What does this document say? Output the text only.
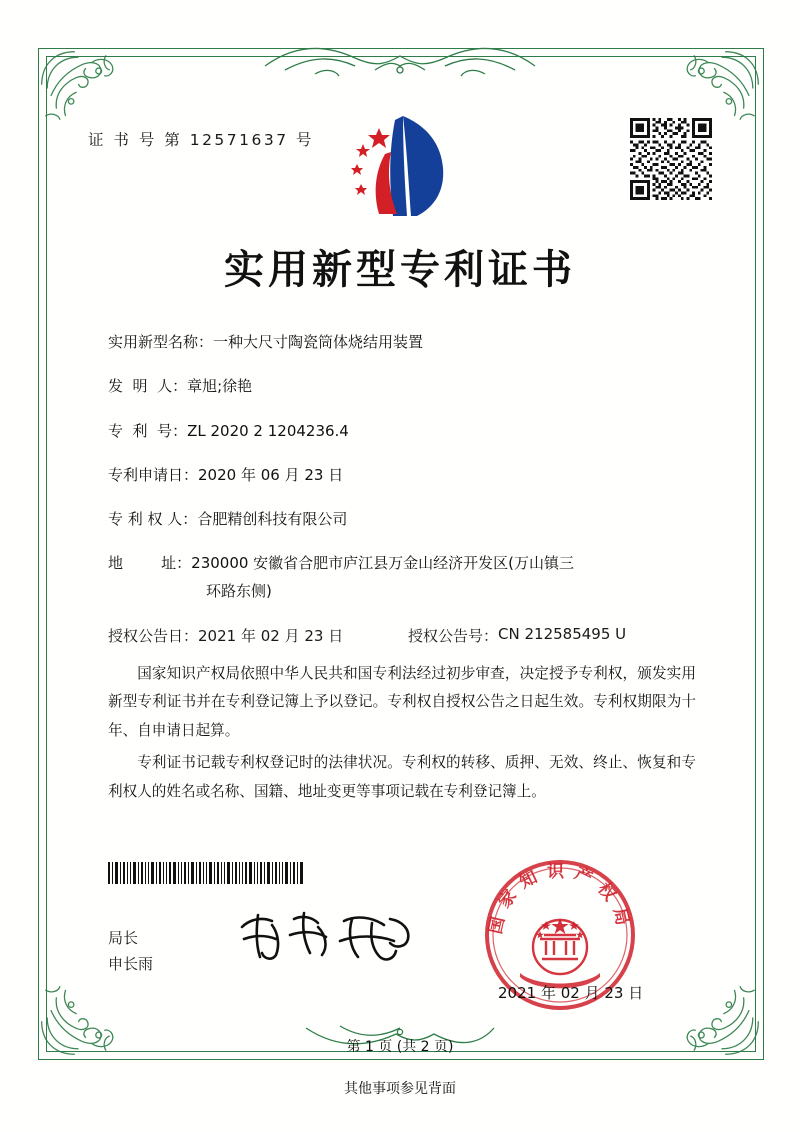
证 书 号 第 12571637 号
实用新型专利证书
实用新型名称： 一种大尺寸陶瓷筒体烧结用装置
发  明  人： 章旭;徐艳
专  利  号： ZL 2020 2 1204236.4
专利申请日： 2020 年 06 月 23 日
专 利 权 人： 合肥精创科技有限公司
地        址： 230000 安徽省合肥市庐江县万金山经济开发区(万山镇三
环路东侧)
授权公告日： 2021 年 02 月 23 日	授权公告号： CN 212585495 U

国家知识产权局依照中华人民共和国专利法经过初步审查，决定授予专利权，颁发实用新型专利证书并在专利登记簿上予以登记。专利权自授权公告之日起生效。专利权期限为十年、自申请日起算。

专利证书记载专利权登记时的法律状况。专利权的转移、质押、无效、终止、恢复和专利权人的姓名或名称、国籍、地址变更等事项记载在专利登记簿上。

局长
申长雨
国家知识产权局
2021 年 02 月 23 日
第 1 页 (共 2 页)
其他事项参见背面
